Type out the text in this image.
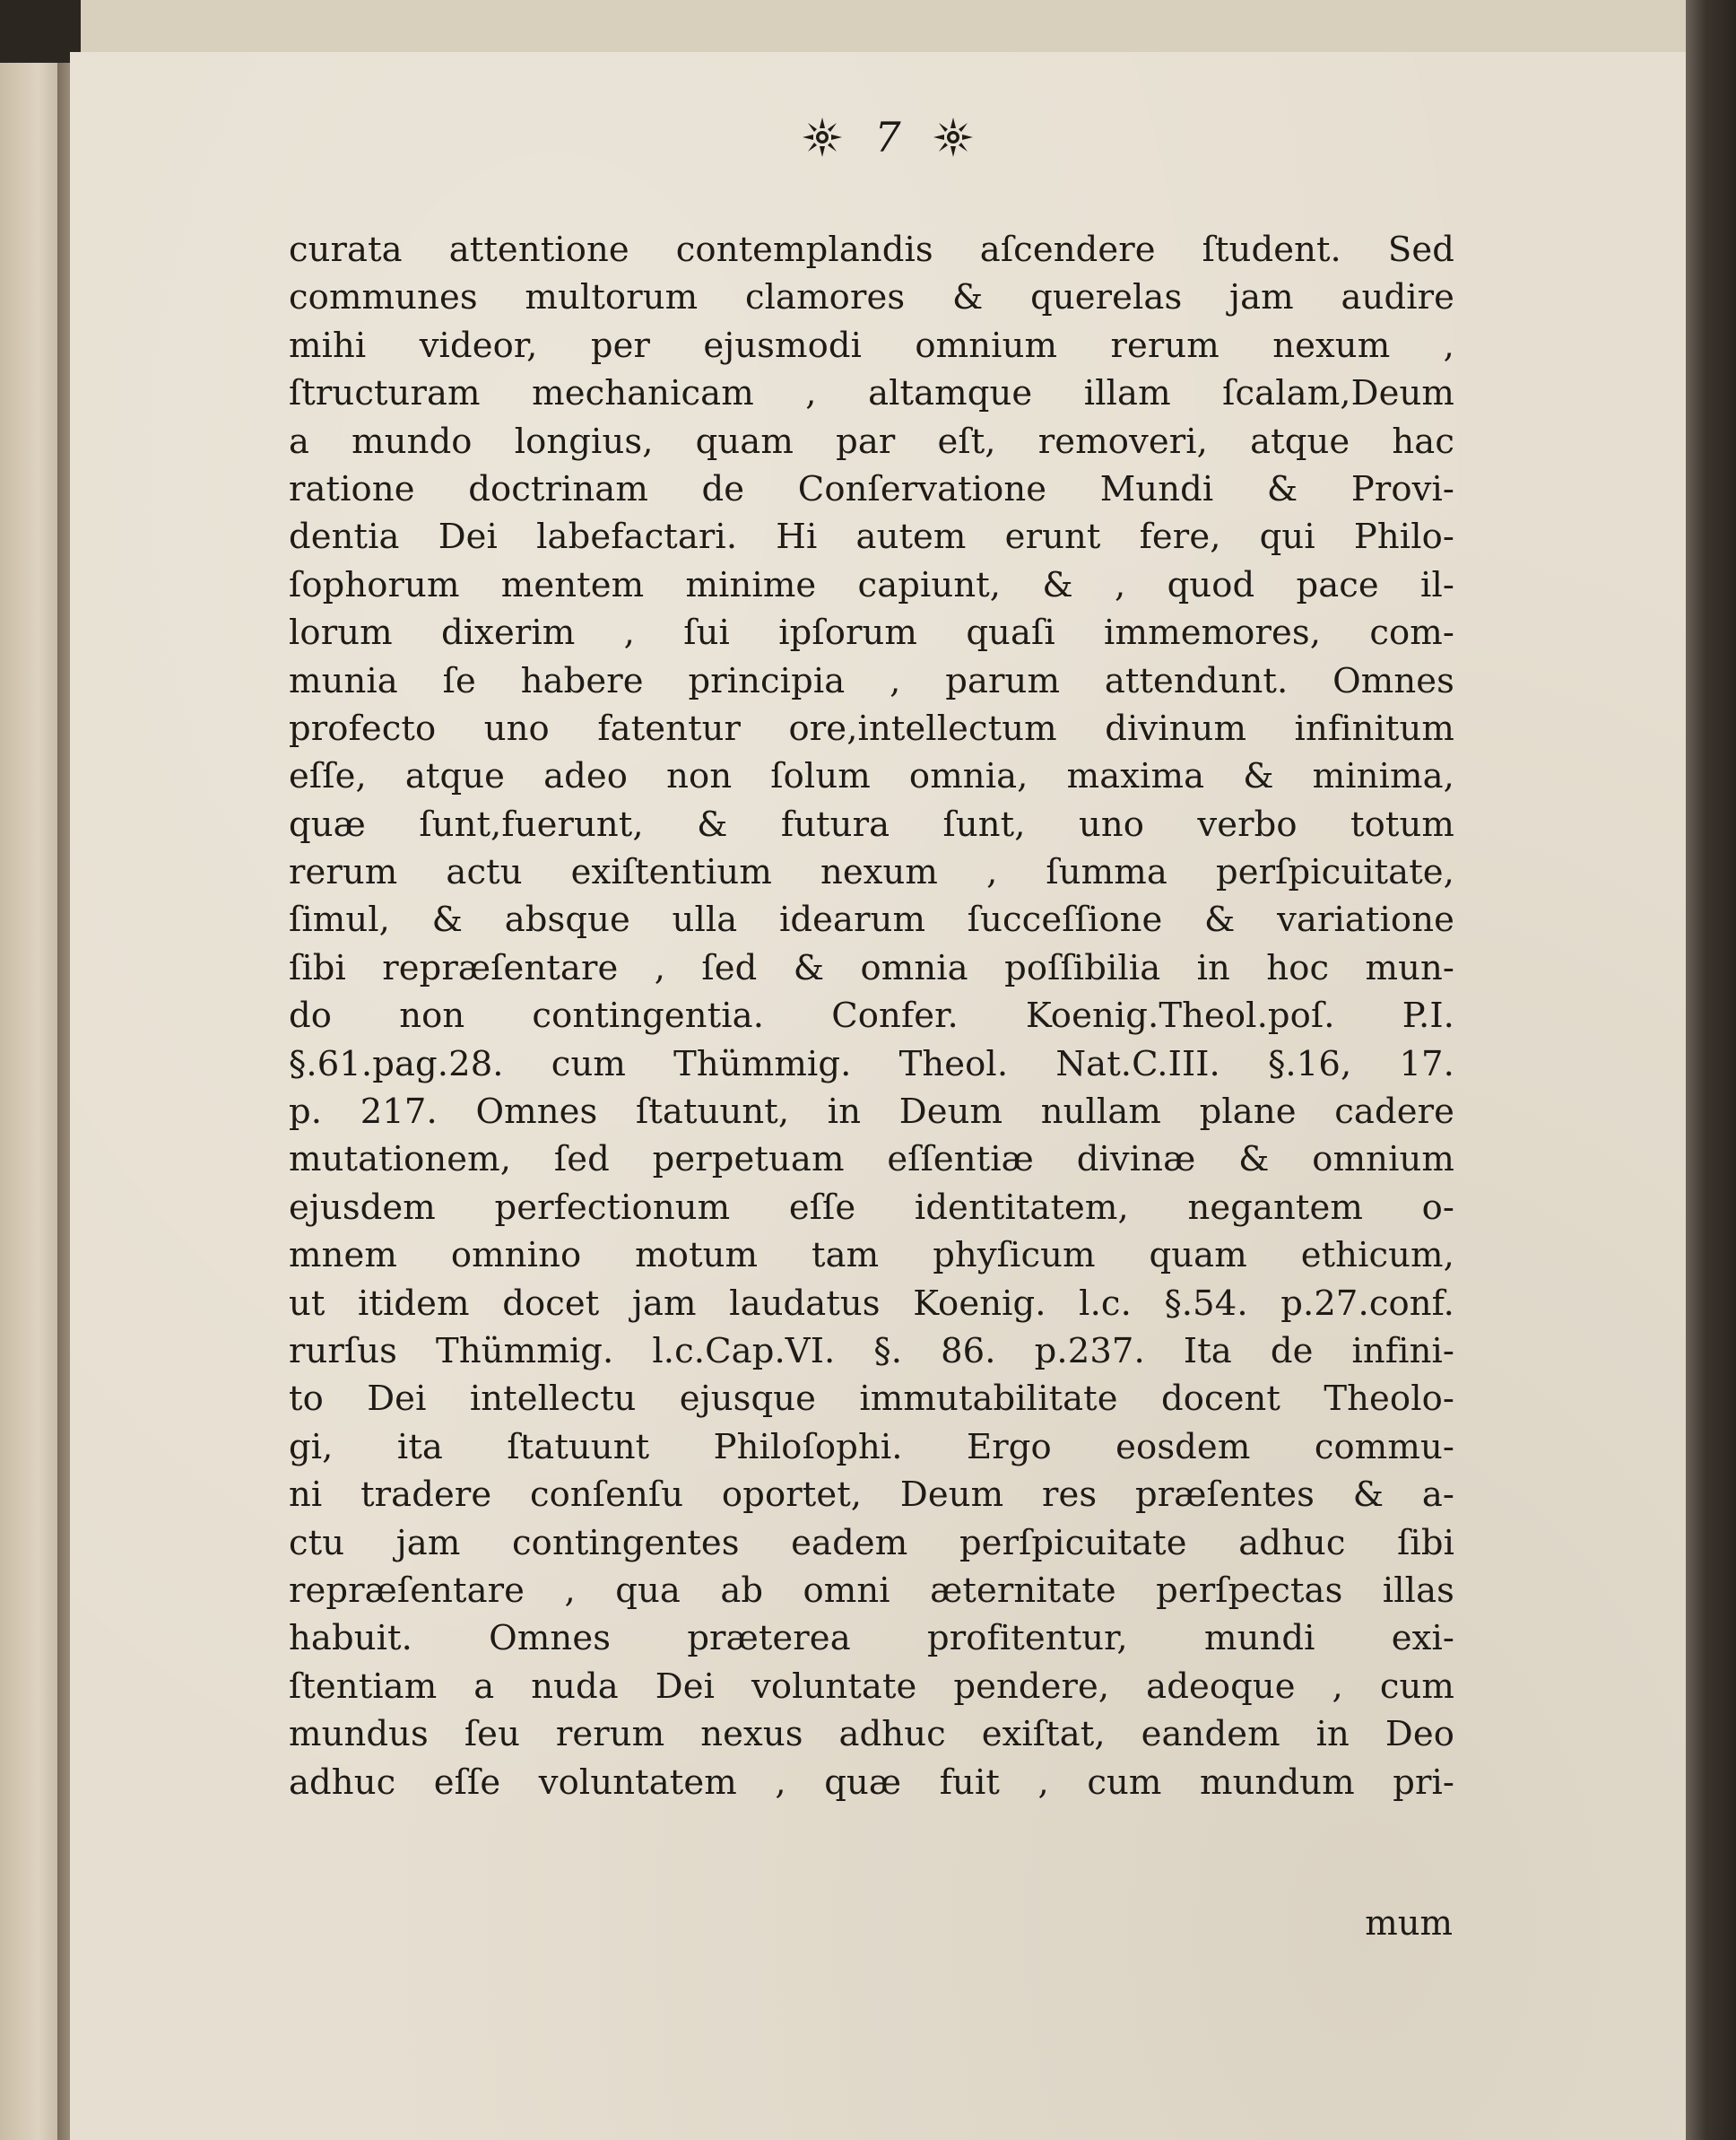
7
curata attentione contemplandis aſcendere ſtudent. Sed
communes multorum clamores & querelas jam audire
mihi videor, per ejusmodi omnium rerum nexum ,
ſtructuram mechanicam , altamque illam ſcalam,Deum
a mundo longius, quam par eſt, removeri, atque hac
ratione doctrinam de Conſervatione Mundi & Provi-
dentia Dei labefactari. Hi autem erunt fere, qui Philo-
ſophorum mentem minime capiunt, & , quod pace il-
lorum dixerim , ſui ipſorum quaſi immemores, com-
munia ſe habere principia , parum attendunt. Omnes
profecto uno fatentur ore,intellectum divinum infinitum
eſſe, atque adeo non ſolum omnia, maxima & minima,
quæ ſunt,fuerunt, & futura ſunt, uno verbo totum
rerum actu exiſtentium nexum , ſumma perſpicuitate,
ſimul, & absque ulla idearum ſucceſſione & variatione
ſibi repræſentare , ſed & omnia poſſibilia in hoc mun-
do non contingentia. Confer. Koenig.Theol.poſ. P.I.
§.61.pag.28. cum Thümmig. Theol. Nat.C.III. §.16, 17.
p. 217. Omnes ſtatuunt, in Deum nullam plane cadere
mutationem, ſed perpetuam eſſentiæ divinæ & omnium
ejusdem perfectionum eſſe identitatem, negantem o-
mnem omnino motum tam phyſicum quam ethicum,
ut itidem docet jam laudatus Koenig. l.c. §.54. p.27.conf.
rurſus Thümmig. l.c.Cap.VI. §. 86. p.237. Ita de infini-
to Dei intellectu ejusque immutabilitate docent Theolo-
gi, ita ſtatuunt Philoſophi. Ergo eosdem commu-
ni tradere conſenſu oportet, Deum res præſentes & a-
ctu jam contingentes eadem perſpicuitate adhuc ſibi
repræſentare , qua ab omni æternitate perſpectas illas
habuit. Omnes præterea profitentur, mundi exi-
ſtentiam a nuda Dei voluntate pendere, adeoque , cum
mundus ſeu rerum nexus adhuc exiſtat, eandem in Deo
adhuc eſſe voluntatem , quæ fuit , cum mundum pri-
mum
